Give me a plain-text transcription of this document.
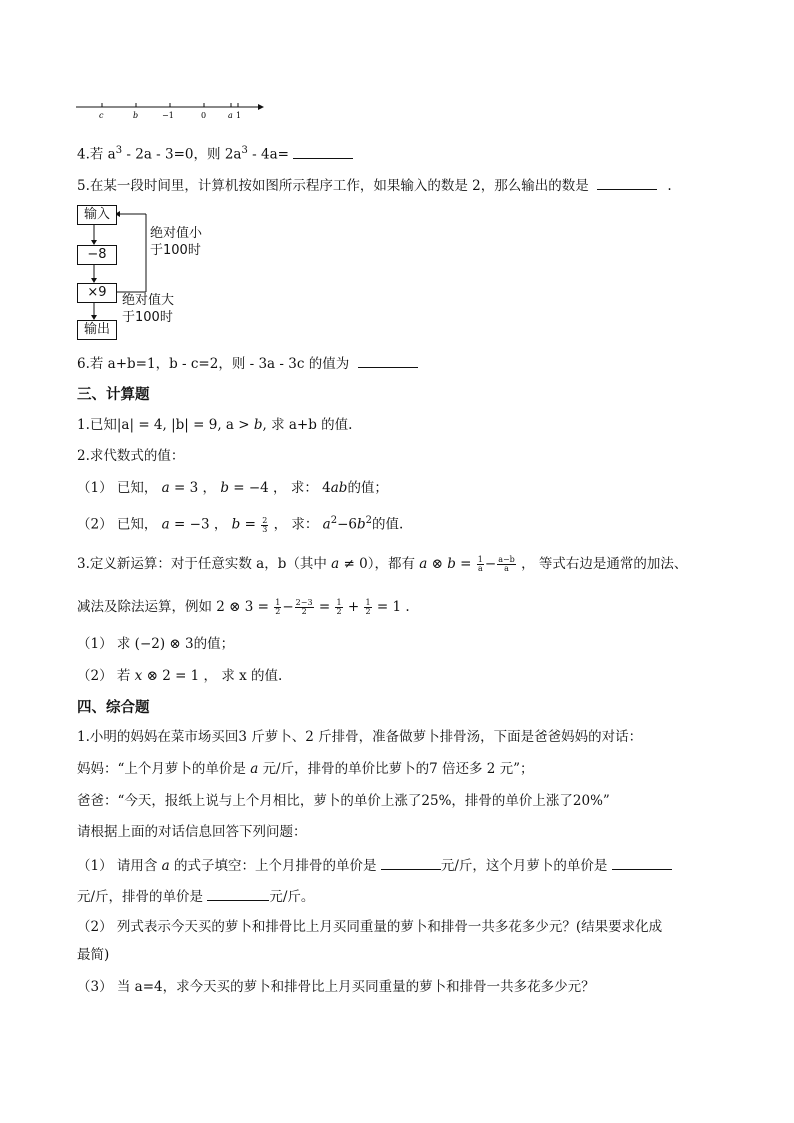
c	b	−1	0	a 1
4.若 $a^3 - 2a - 3=0$，则 $2a^3 - 4a=$
5.在某一段时间里，计算机按如图所示程序工作，如果输入的数是 2，那么输出的数是	.
输入
−8
×9
输出
绝对值小
于100时
绝对值大
于100时
6.若 a+b=1，b - c=2，则 - 3a - 3c 的值为
三、计算题
1.已知|a| = 4, |b| = 9, a > b, 求 a+b 的值.
2.求代数式的值：
（1） 已知， a = 3 ， b = −4 ， 求： 4ab的值；
（2） 已知， a = −3 ， $b = \frac{2}{3}$ ， 求： $a^2-6b^2$的值.
3.定义新运算：对于任意实数 a，b（其中 a ≠ 0），都有 a ⊗ $b = \frac{1}{a} - \frac{a-b}{a}$ ， 等式右边是通常的加法、
减法及除法运算，例如 2 ⊗ $3 = \frac{1}{2} - \frac{2-3}{2} = \frac{1}{2} + \frac{1}{2} = 1$ .
（1） 求 (−2) ⊗ 3的值；
（2） 若 x ⊗ 2 = 1 ， 求 x 的值.
四、综合题
1.小明的妈妈在菜市场买回3 斤萝卜、2 斤排骨，准备做萝卜排骨汤，下面是爸爸妈妈的对话：
妈妈：“上个月萝卜的单价是 a 元/斤，排骨的单价比萝卜的7 倍还多 2 元”；
爸爸：“今天，报纸上说与上个月相比，萝卜的单价上涨了25%，排骨的单价上涨了20%”
请根据上面的对话信息回答下列问题：
（1） 请用含 a 的式子填空：上个月排骨的单价是	元/斤，这个月萝卜的单价是
元/斤，排骨的单价是	元/斤。
（2） 列式表示今天买的萝卜和排骨比上月买同重量的萝卜和排骨一共多花多少元？(结果要求化成
最简)
（3） 当 a=4，求今天买的萝卜和排骨比上月买同重量的萝卜和排骨一共多花多少元？
